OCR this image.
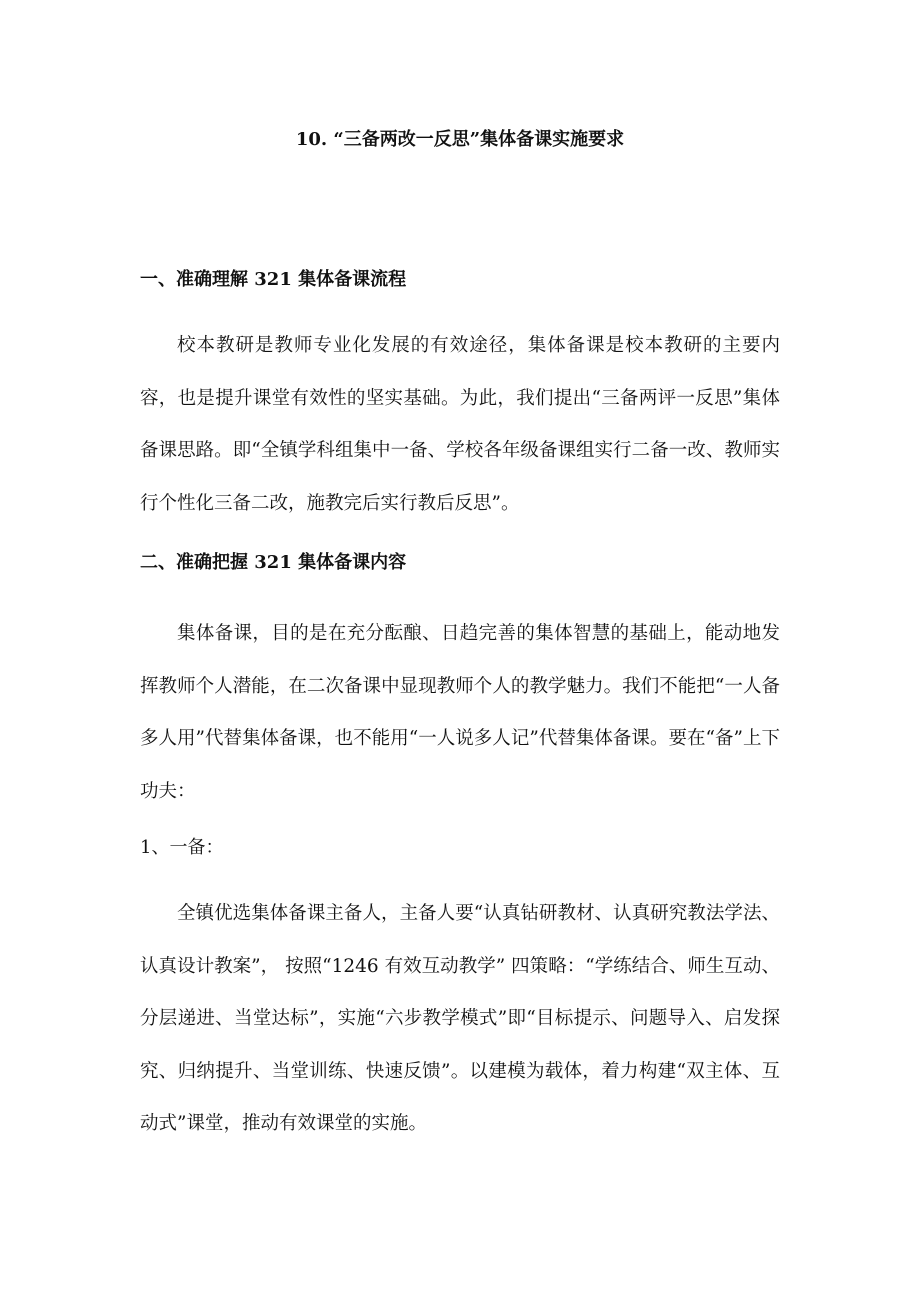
10. “三备两改一反思”集体备课实施要求
一、准确理解 321 集体备课流程

校本教研是教师专业化发展的有效途径，集体备课是校本教研的主要内容，也是提升课堂有效性的坚实基础。为此，我们提出“三备两评一反思”集体备课思路。即“全镇学科组集中一备、学校各年级备课组实行二备一改、教师实行个性化三备二改，施教完后实行教后反思”。

二、准确把握 321 集体备课内容

集体备课，目的是在充分酝酿、日趋完善的集体智慧的基础上，能动地发挥教师个人潜能，在二次备课中显现教师个人的教学魅力。我们不能把“一人备多人用”代替集体备课，也不能用“一人说多人记”代替集体备课。要在“备”上下功夫：

1、一备：

全镇优选集体备课主备人，主备人要“认真钻研教材、认真研究教法学法、认真设计教案”， 按照“1246 有效互动教学” 四策略：“学练结合、师生互动、分层递进、当堂达标”，实施“六步教学模式”即“目标提示、问题导入、启发探究、归纳提升、当堂训练、快速反馈”。以建模为载体，着力构建“双主体、互动式”课堂，推动有效课堂的实施。
